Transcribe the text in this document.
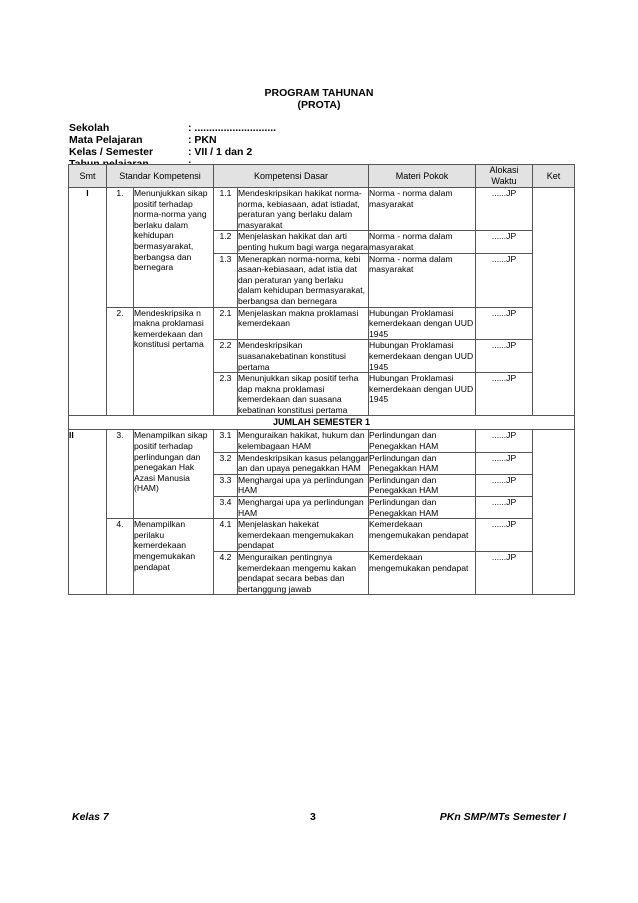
PROGRAM TAHUNAN
(PROTA)
Sekolah	: ............................
Mata Pelajaran	: PKN
Kelas / Semester	: VII / 1 dan 2
Smt	Standar Kompetensi		Kompetensi Dasar		Materi Pokok	Alokasi Waktu	Ket
I	1.	Menunjukkan sikap positif terhadap norma-norma yang berlaku dalam kehidupan bermasyarakat, berbangsa dan bernegara	1.1	Mendeskripsikan hakikat norma-norma, kebiasaan, adat istiadat, peraturan yang berlaku dalam masyarakat	Norma - norma dalam masyarakat	......JP	
			1.2	Menjelaskan hakikat dan arti penting hukum bagi warga negara	Norma - norma dalam masyarakat	......JP	
			1.3	Menerapkan norma-norma, kebi asaan-kebiasaan, adat istia dat dan peraturan yang berlaku dalam kehidupan bermasyarakat, berbangsa dan bernegara	Norma - norma dalam masyarakat	......JP	
	2.	Mendeskripsika n makna proklamasi kemerdekaan dan konstitusi pertama	2.1	Menjelaskan makna proklamasi kemerdekaan	Hubungan Proklamasi kemerdekaan dengan UUD 1945	......JP	
			2.2	Mendeskripsikan suasanakebatinan konstitusi pertama	Hubungan Proklamasi kemerdekaan dengan UUD 1945	......JP	
			2.3	Menunjukkan sikap positif terha dap makna proklamasi kemerdekaan dan suasana kebatinan konstitusi pertama	Hubungan Proklamasi kemerdekaan dengan UUD 1945	......JP	
JUMLAH SEMESTER 1							
II	3.	Menampilkan sikap positif terhadap perlindungan dan penegakan Hak Azasi Manusia (HAM)	3.1	Menguraikan hakikat, hukum dan kelembagaan HAM	Perlindungan dan Penegakkan HAM	......JP	
			3.2	Mendeskripsikan kasus pelanggar an dan upaya penegakkan HAM	Perlindungan dan Penegakkan HAM	......JP	
			3.3	Menghargai upa ya perlindungan HAM	Perlindungan dan Penegakkan HAM	......JP	
			3.4	Menghargai upa ya perlindungan HAM	Perlindungan dan Penegakkan HAM	......JP	
	4.	Menampilkan perilaku kemerdekaan mengemukakan pendapat	4.1	Menjelaskan hakekat kemerdekaan mengemukakan pendapat	Kemerdekaan mengemukakan pendapat	......JP	
			4.2	Menguraikan pentingnya kemerdekaan mengemu kakan pendapat secara bebas dan bertanggung jawab	Kemerdekaan mengemukakan pendapat	......JP	
Kelas 7	3	PKn SMP/MTs Semester I
